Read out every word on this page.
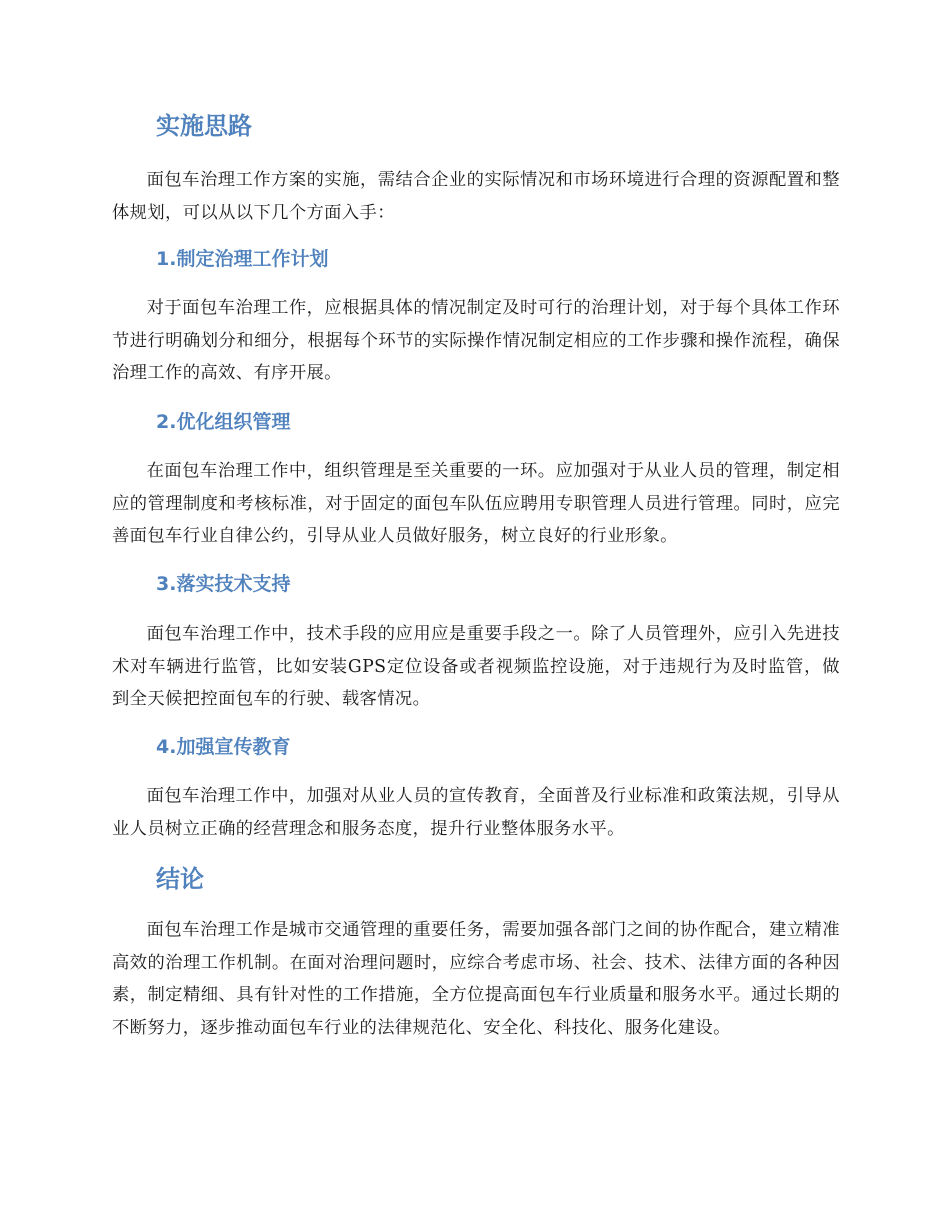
实施思路

面包车治理工作方案的实施，需结合企业的实际情况和市场环境进行合理的资源配置和整体规划，可以从以下几个方面入手：

1.制定治理工作计划

对于面包车治理工作，应根据具体的情况制定及时可行的治理计划，对于每个具体工作环节进行明确划分和细分，根据每个环节的实际操作情况制定相应的工作步骤和操作流程，确保治理工作的高效、有序开展。

2.优化组织管理

在面包车治理工作中，组织管理是至关重要的一环。应加强对于从业人员的管理，制定相应的管理制度和考核标准，对于固定的面包车队伍应聘用专职管理人员进行管理。同时，应完善面包车行业自律公约，引导从业人员做好服务，树立良好的行业形象。

3.落实技术支持

面包车治理工作中，技术手段的应用应是重要手段之一。除了人员管理外，应引入先进技术对车辆进行监管，比如安装GPS定位设备或者视频监控设施，对于违规行为及时监管，做到全天候把控面包车的行驶、载客情况。

4.加强宣传教育

面包车治理工作中，加强对从业人员的宣传教育，全面普及行业标准和政策法规，引导从业人员树立正确的经营理念和服务态度，提升行业整体服务水平。

结论

面包车治理工作是城市交通管理的重要任务，需要加强各部门之间的协作配合，建立精准高效的治理工作机制。在面对治理问题时，应综合考虑市场、社会、技术、法律方面的各种因素，制定精细、具有针对性的工作措施，全方位提高面包车行业质量和服务水平。通过长期的不断努力，逐步推动面包车行业的法律规范化、安全化、科技化、服务化建设。
